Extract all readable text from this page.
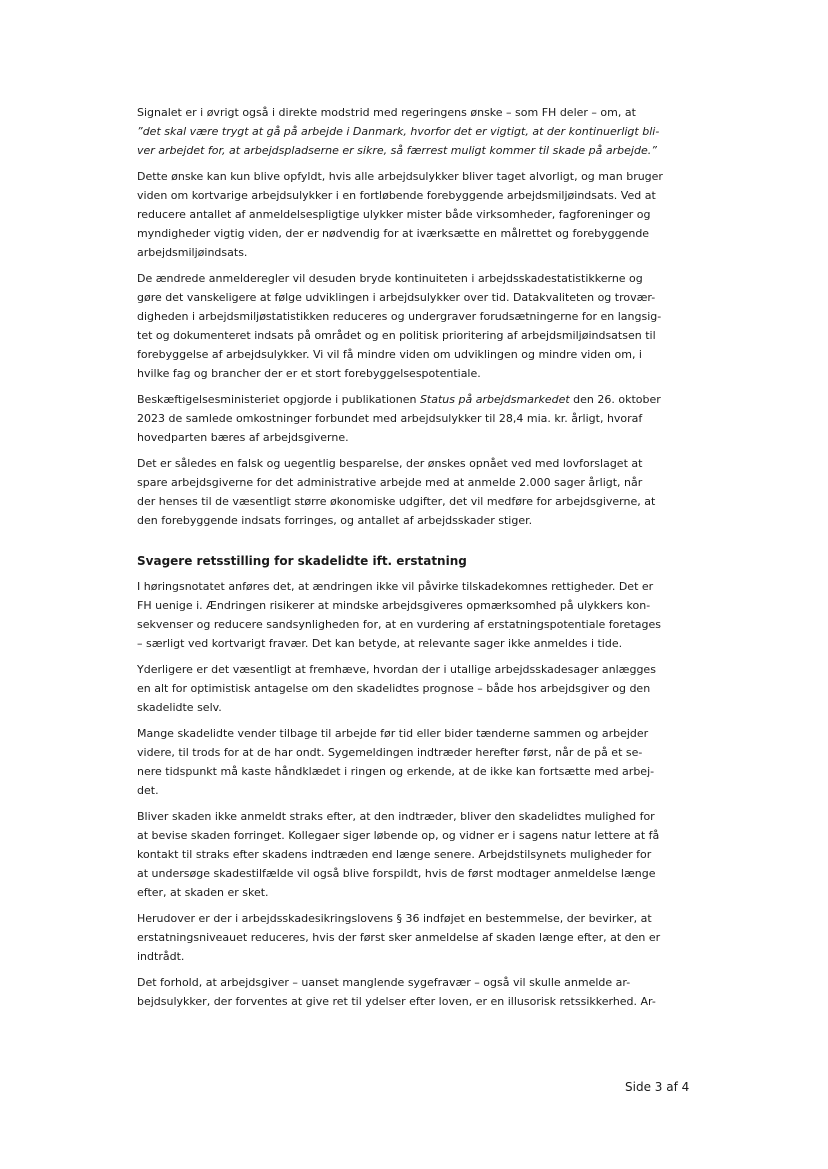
Signalet er i øvrigt også i direkte modstrid med regeringens ønske – som FH deler – om, at
”det skal være trygt at gå på arbejde i Danmark, hvorfor det er vigtigt, at der kontinuerligt bli-
ver arbejdet for, at arbejdspladserne er sikre, så færrest muligt kommer til skade på arbejde.”
Dette ønske kan kun blive opfyldt, hvis alle arbejdsulykker bliver taget alvorligt, og man bruger
viden om kortvarige arbejdsulykker i en fortløbende forebyggende arbejdsmiljøindsats. Ved at
reducere antallet af anmeldelsespligtige ulykker mister både virksomheder, fagforeninger og
myndigheder vigtig viden, der er nødvendig for at iværksætte en målrettet og forebyggende
arbejdsmiljøindsats.
De ændrede anmelderegler vil desuden bryde kontinuiteten i arbejdsskadestatistikkerne og
gøre det vanskeligere at følge udviklingen i arbejdsulykker over tid. Datakvaliteten og trovær-
digheden i arbejdsmiljøstatistikken reduceres og undergraver forudsætningerne for en langsig-
tet og dokumenteret indsats på området og en politisk prioritering af arbejdsmiljøindsatsen til
forebyggelse af arbejdsulykker. Vi vil få mindre viden om udviklingen og mindre viden om, i
hvilke fag og brancher der er et stort forebyggelsespotentiale.
Beskæftigelsesministeriet opgjorde i publikationen Status på arbejdsmarkedet den 26. oktober
2023 de samlede omkostninger forbundet med arbejdsulykker til 28,4 mia. kr. årligt, hvoraf
hovedparten bæres af arbejdsgiverne.
Det er således en falsk og uegentlig besparelse, der ønskes opnået ved med lovforslaget at
spare arbejdsgiverne for det administrative arbejde med at anmelde 2.000 sager årligt, når
der henses til de væsentligt større økonomiske udgifter, det vil medføre for arbejdsgiverne, at
den forebyggende indsats forringes, og antallet af arbejdsskader stiger.
Svagere retsstilling for skadelidte ift. erstatning
I høringsnotatet anføres det, at ændringen ikke vil påvirke tilskadekomnes rettigheder. Det er
FH uenige i. Ændringen risikerer at mindske arbejdsgiveres opmærksomhed på ulykkers kon-
sekvenser og reducere sandsynligheden for, at en vurdering af erstatningspotentiale foretages
– særligt ved kortvarigt fravær. Det kan betyde, at relevante sager ikke anmeldes i tide.
Yderligere er det væsentligt at fremhæve, hvordan der i utallige arbejdsskadesager anlægges
en alt for optimistisk antagelse om den skadelidtes prognose – både hos arbejdsgiver og den
skadelidte selv.
Mange skadelidte vender tilbage til arbejde før tid eller bider tænderne sammen og arbejder
videre, til trods for at de har ondt. Sygemeldingen indtræder herefter først, når de på et se-
nere tidspunkt må kaste håndklædet i ringen og erkende, at de ikke kan fortsætte med arbej-
det.
Bliver skaden ikke anmeldt straks efter, at den indtræder, bliver den skadelidtes mulighed for
at bevise skaden forringet. Kollegaer siger løbende op, og vidner er i sagens natur lettere at få
kontakt til straks efter skadens indtræden end længe senere. Arbejdstilsynets muligheder for
at undersøge skadestilfælde vil også blive forspildt, hvis de først modtager anmeldelse længe
efter, at skaden er sket.
Herudover er der i arbejdsskadesikringslovens § 36 indføjet en bestemmelse, der bevirker, at
erstatningsniveauet reduceres, hvis der først sker anmeldelse af skaden længe efter, at den er
indtrådt.
Det forhold, at arbejdsgiver – uanset manglende sygefravær – også vil skulle anmelde ar-
bejdsulykker, der forventes at give ret til ydelser efter loven, er en illusorisk retssikkerhed. Ar-
Side 3 af 4
